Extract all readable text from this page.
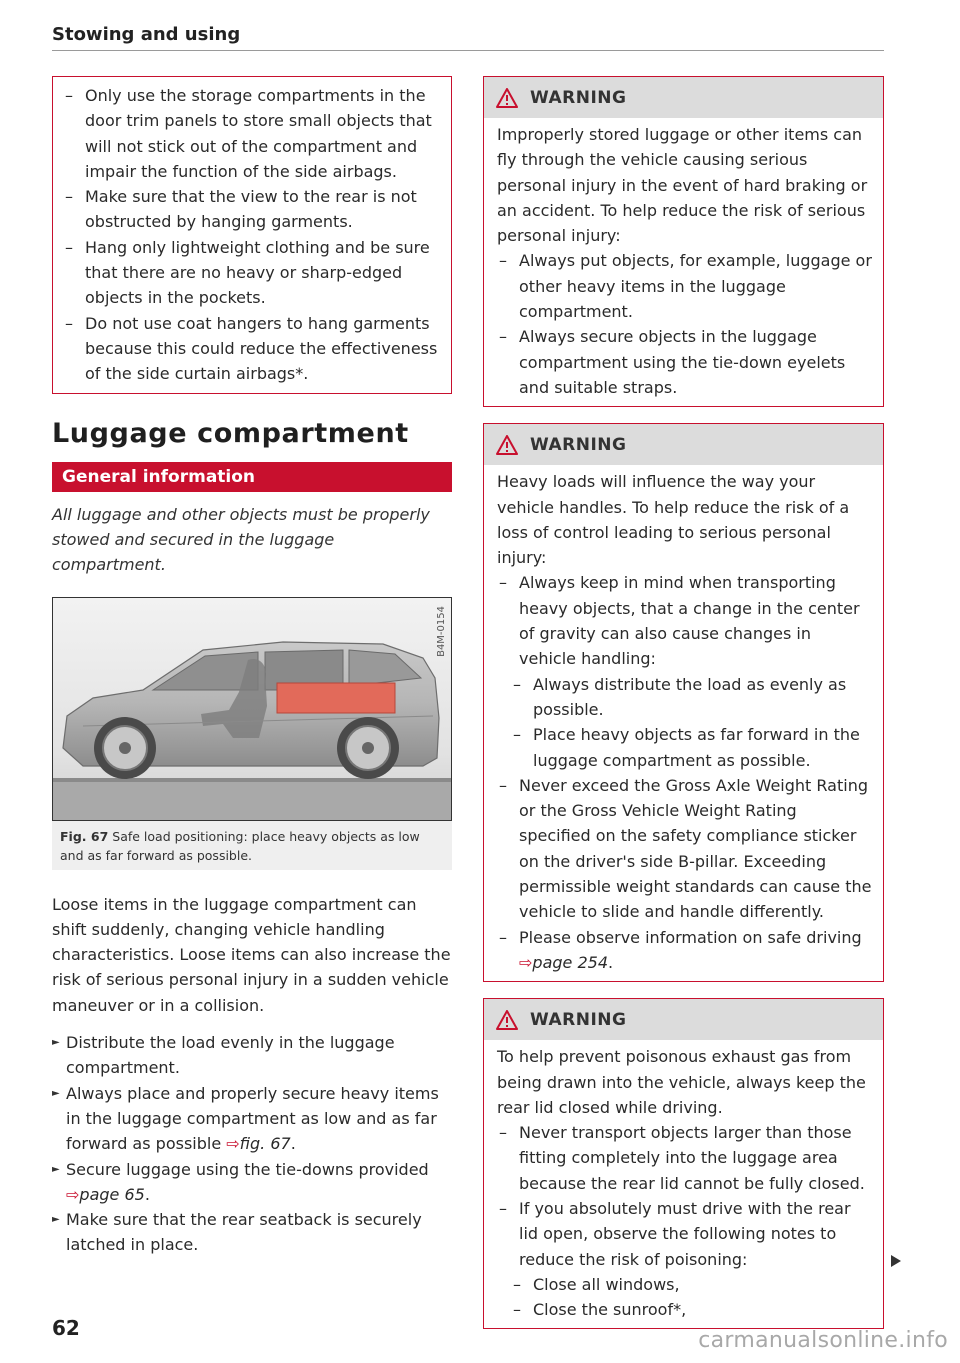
Stowing and using
– Only use the storage compartments in the door trim panels to store small objects that will not stick out of the compartment and impair the function of the side airbags.
– Make sure that the view to the rear is not obstructed by hanging garments.
– Hang only lightweight clothing and be sure that there are no heavy or sharp-edged objects in the pockets.
– Do not use coat hangers to hang garments because this could reduce the effectiveness of the side curtain airbags*.
Luggage compartment
General information
All luggage and other objects must be properly stowed and secured in the luggage compartment.
B4M-0154
Fig. 67 Safe load positioning: place heavy objects as low and as far forward as possible.
Loose items in the luggage compartment can shift suddenly, changing vehicle handling characteristics. Loose items can also increase the risk of serious personal injury in a sudden vehicle maneuver or in a collision.
► Distribute the load evenly in the luggage compartment.
► Always place and properly secure heavy items in the luggage compartment as low and as far forward as possible ⇨fig. 67.
► Secure luggage using the tie-downs provided ⇨page 65.
► Make sure that the rear seatback is securely latched in place.
WARNING
Improperly stored luggage or other items can fly through the vehicle causing serious personal injury in the event of hard braking or an accident. To help reduce the risk of serious personal injury:
– Always put objects, for example, luggage or other heavy items in the luggage compartment.
– Always secure objects in the luggage compartment using the tie-down eyelets and suitable straps.
WARNING
Heavy loads will influence the way your vehicle handles. To help reduce the risk of a loss of control leading to serious personal injury:
– Always keep in mind when transporting heavy objects, that a change in the center of gravity can also cause changes in vehicle handling:
– Always distribute the load as evenly as possible.
– Place heavy objects as far forward in the luggage compartment as possible.
– Never exceed the Gross Axle Weight Rating or the Gross Vehicle Weight Rating specified on the safety compliance sticker on the driver's side B-pillar. Exceeding permissible weight standards can cause the vehicle to slide and handle differently.
– Please observe information on safe driving
⇨page 254.
WARNING
To help prevent poisonous exhaust gas from being drawn into the vehicle, always keep the rear lid closed while driving.
– Never transport objects larger than those fitting completely into the luggage area because the rear lid cannot be fully closed.
– If you absolutely must drive with the rear lid open, observe the following notes to reduce the risk of poisoning:
– Close all windows,
– Close the sunroof*,
62	carmanualsonline.info
